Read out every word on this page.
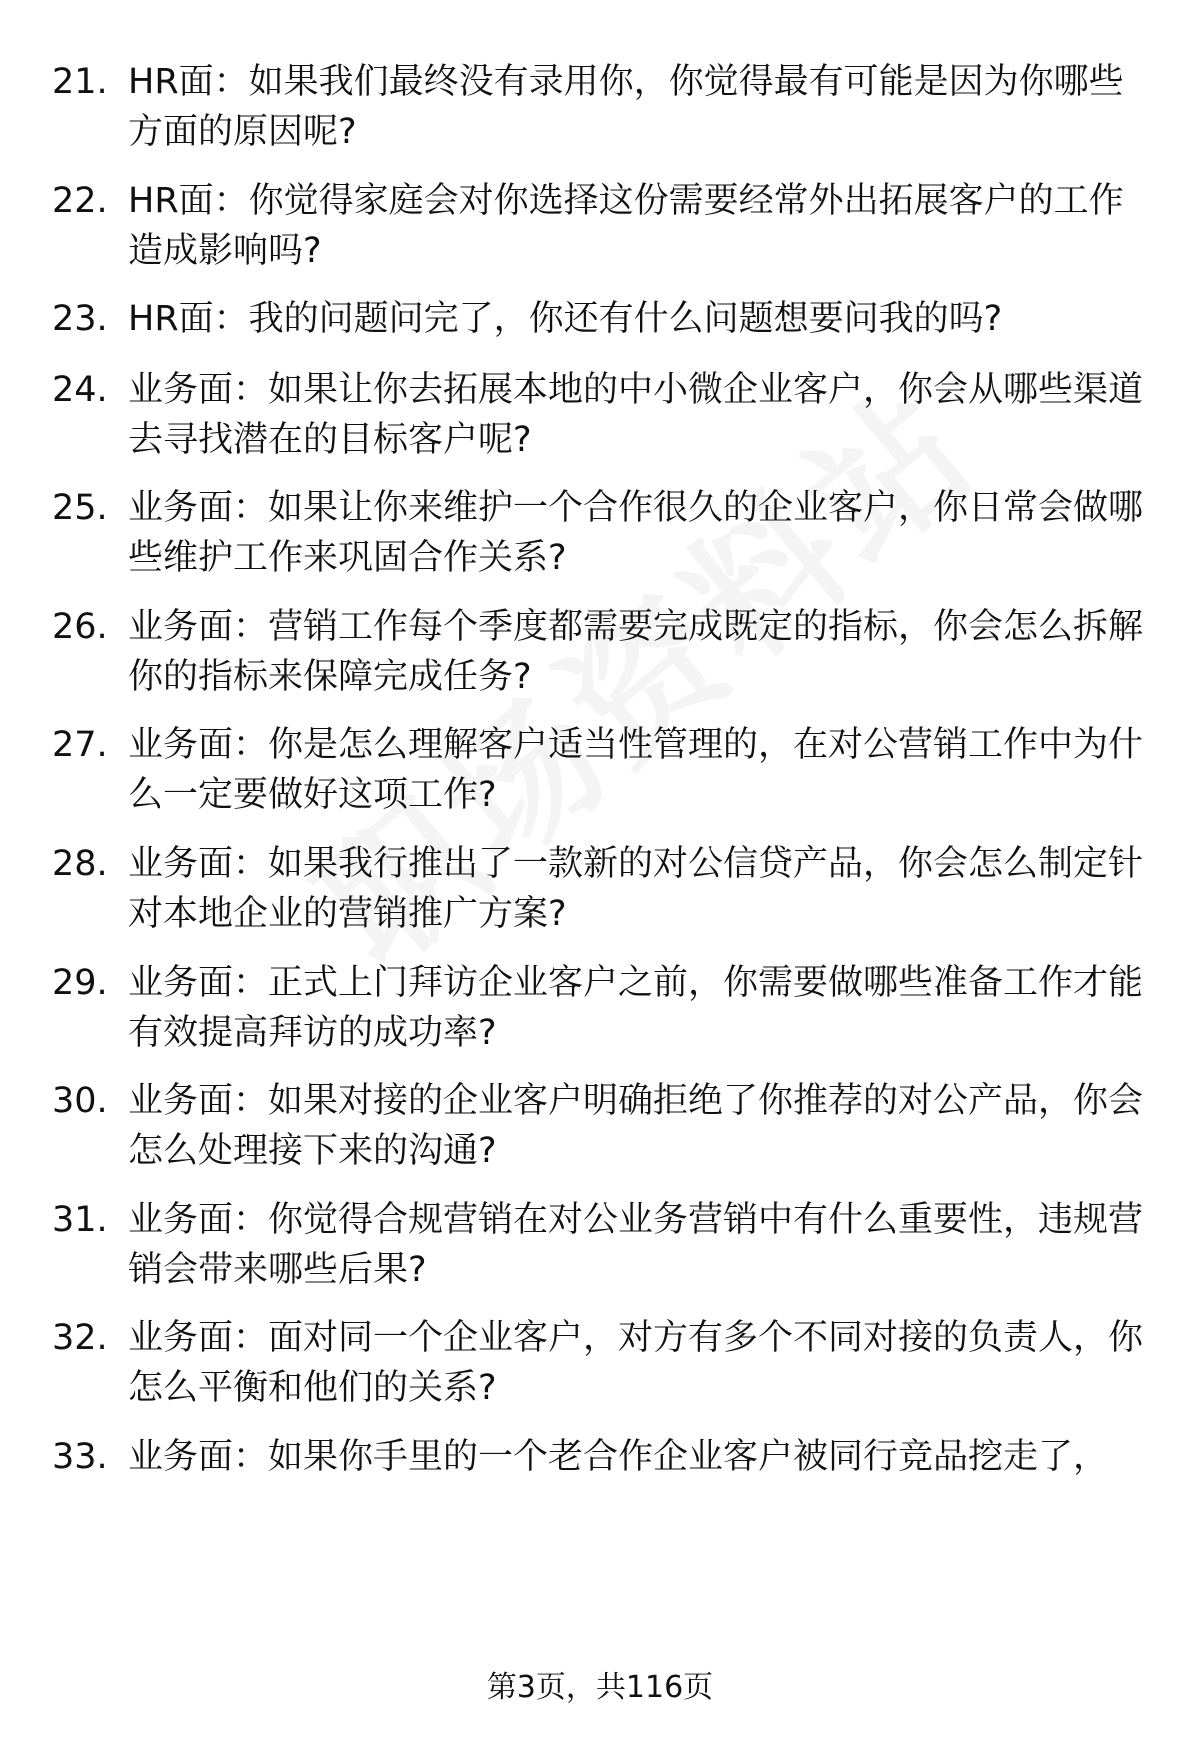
21. HR面：如果我们最终没有录用你，你觉得最有可能是因为你哪些方面的原因呢?
22. HR面：你觉得家庭会对你选择这份需要经常外出拓展客户的工作造成影响吗?
23. HR面：我的问题问完了，你还有什么问题想要问我的吗?
24. 业务面：如果让你去拓展本地的中小微企业客户，你会从哪些渠道去寻找潜在的目标客户呢?
25. 业务面：如果让你来维护一个合作很久的企业客户，你日常会做哪些维护工作来巩固合作关系?
26. 业务面：营销工作每个季度都需要完成既定的指标，你会怎么拆解你的指标来保障完成任务?
27. 业务面：你是怎么理解客户适当性管理的，在对公营销工作中为什么一定要做好这项工作?
28. 业务面：如果我行推出了一款新的对公信贷产品，你会怎么制定针对本地企业的营销推广方案?
29. 业务面：正式上门拜访企业客户之前，你需要做哪些准备工作才能有效提高拜访的成功率?
30. 业务面：如果对接的企业客户明确拒绝了你推荐的对公产品，你会怎么处理接下来的沟通?
31. 业务面：你觉得合规营销在对公业务营销中有什么重要性，违规营销会带来哪些后果?
32. 业务面：面对同一个企业客户，对方有多个不同对接的负责人，你怎么平衡和他们的关系?
33. 业务面：如果你手里的一个老合作企业客户被同行竞品挖走了，
第3页，共116页
